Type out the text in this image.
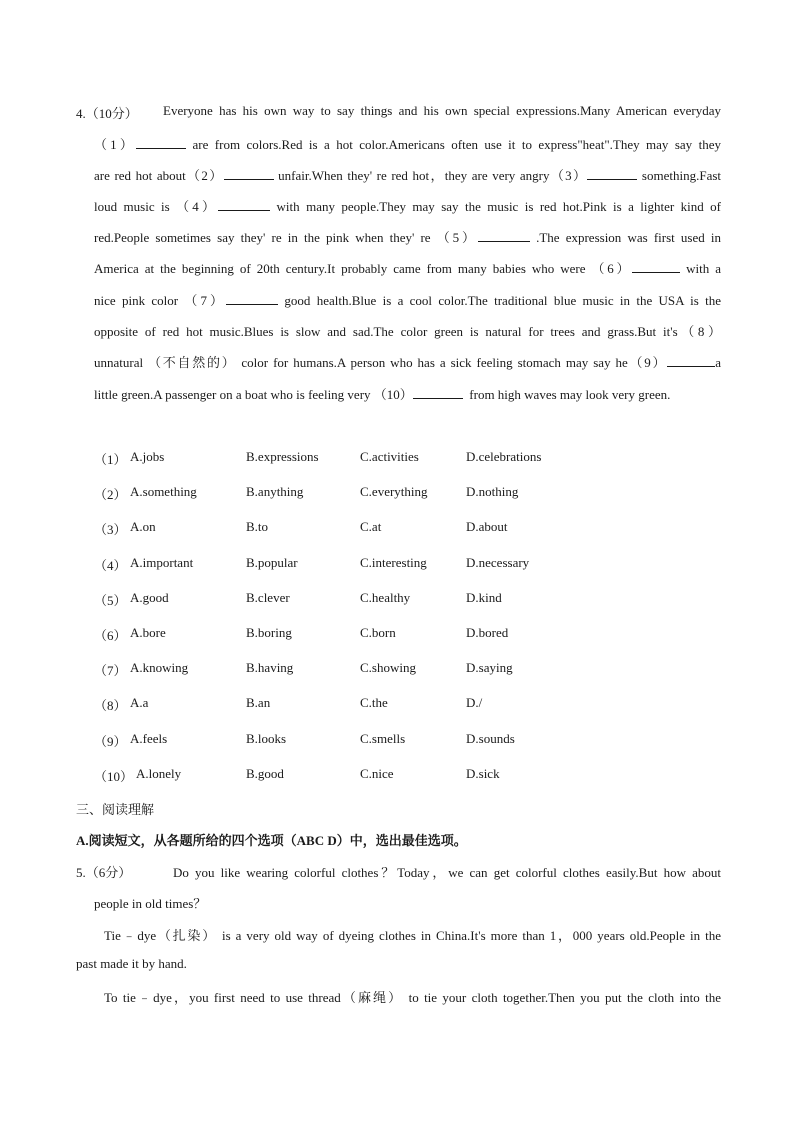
4.（10分） Everyone has his own way to say things and his own special expressions.Many American everyday
（1）	are from colors.Red is a hot color.Americans often use it to express"heat".They may say they
are red hot about（2）	unfair.When they' re red hot，they are very angry（3）	something.Fast
loud music is （4）	with many people.They may say the music is red hot.Pink is a lighter kind of
red.People sometimes say they' re in the pink when they' re （5）	.The expression was first used in
America at the beginning of 20th century.It probably came from many babies who were （6）	with a
nice pink color （7）	good health.Blue is a cool color.The traditional blue music in the USA is the
opposite of red hot music.Blues is slow and sad.The color green is natural for trees and grass.But it's（8）
unnatural （不自然的） color for humans.A person who has a sick feeling stomach may say he（9）	a
little green.A passenger on a boat who is feeling very （10）	from high waves may look very green.
（1） A.jobs	B.expressions	C.activities	D.celebrations
（2） A.something	B.anything	C.everything	D.nothing
（3） A.on	B.to	C.at	D.about
（4） A.important	B.popular	C.interesting	D.necessary
（5） A.good	B.clever	C.healthy	D.kind
（6） A.bore	B.boring	C.born	D.bored
（7） A.knowing	B.having	C.showing	D.saying
（8） A.a	B.an	C.the	D./
（9） A.feels	B.looks	C.smells	D.sounds
（10） A.lonely	B.good	C.nice	D.sick
三、阅读理解
A.阅读短文，从各题所给的四个选项（ABC D）中，选出最佳选项。
5.（6分）	Do you like wearing colorful clothes？Today，we can get colorful clothes easily.But how about
people in old times？
Tie﹣dye（扎染） is a very old way of dyeing clothes in China.It's more than 1，000 years old.People in the
past made it by hand.
To tie﹣dye，you first need to use thread（麻绳） to tie your cloth together.Then you put the cloth into the
